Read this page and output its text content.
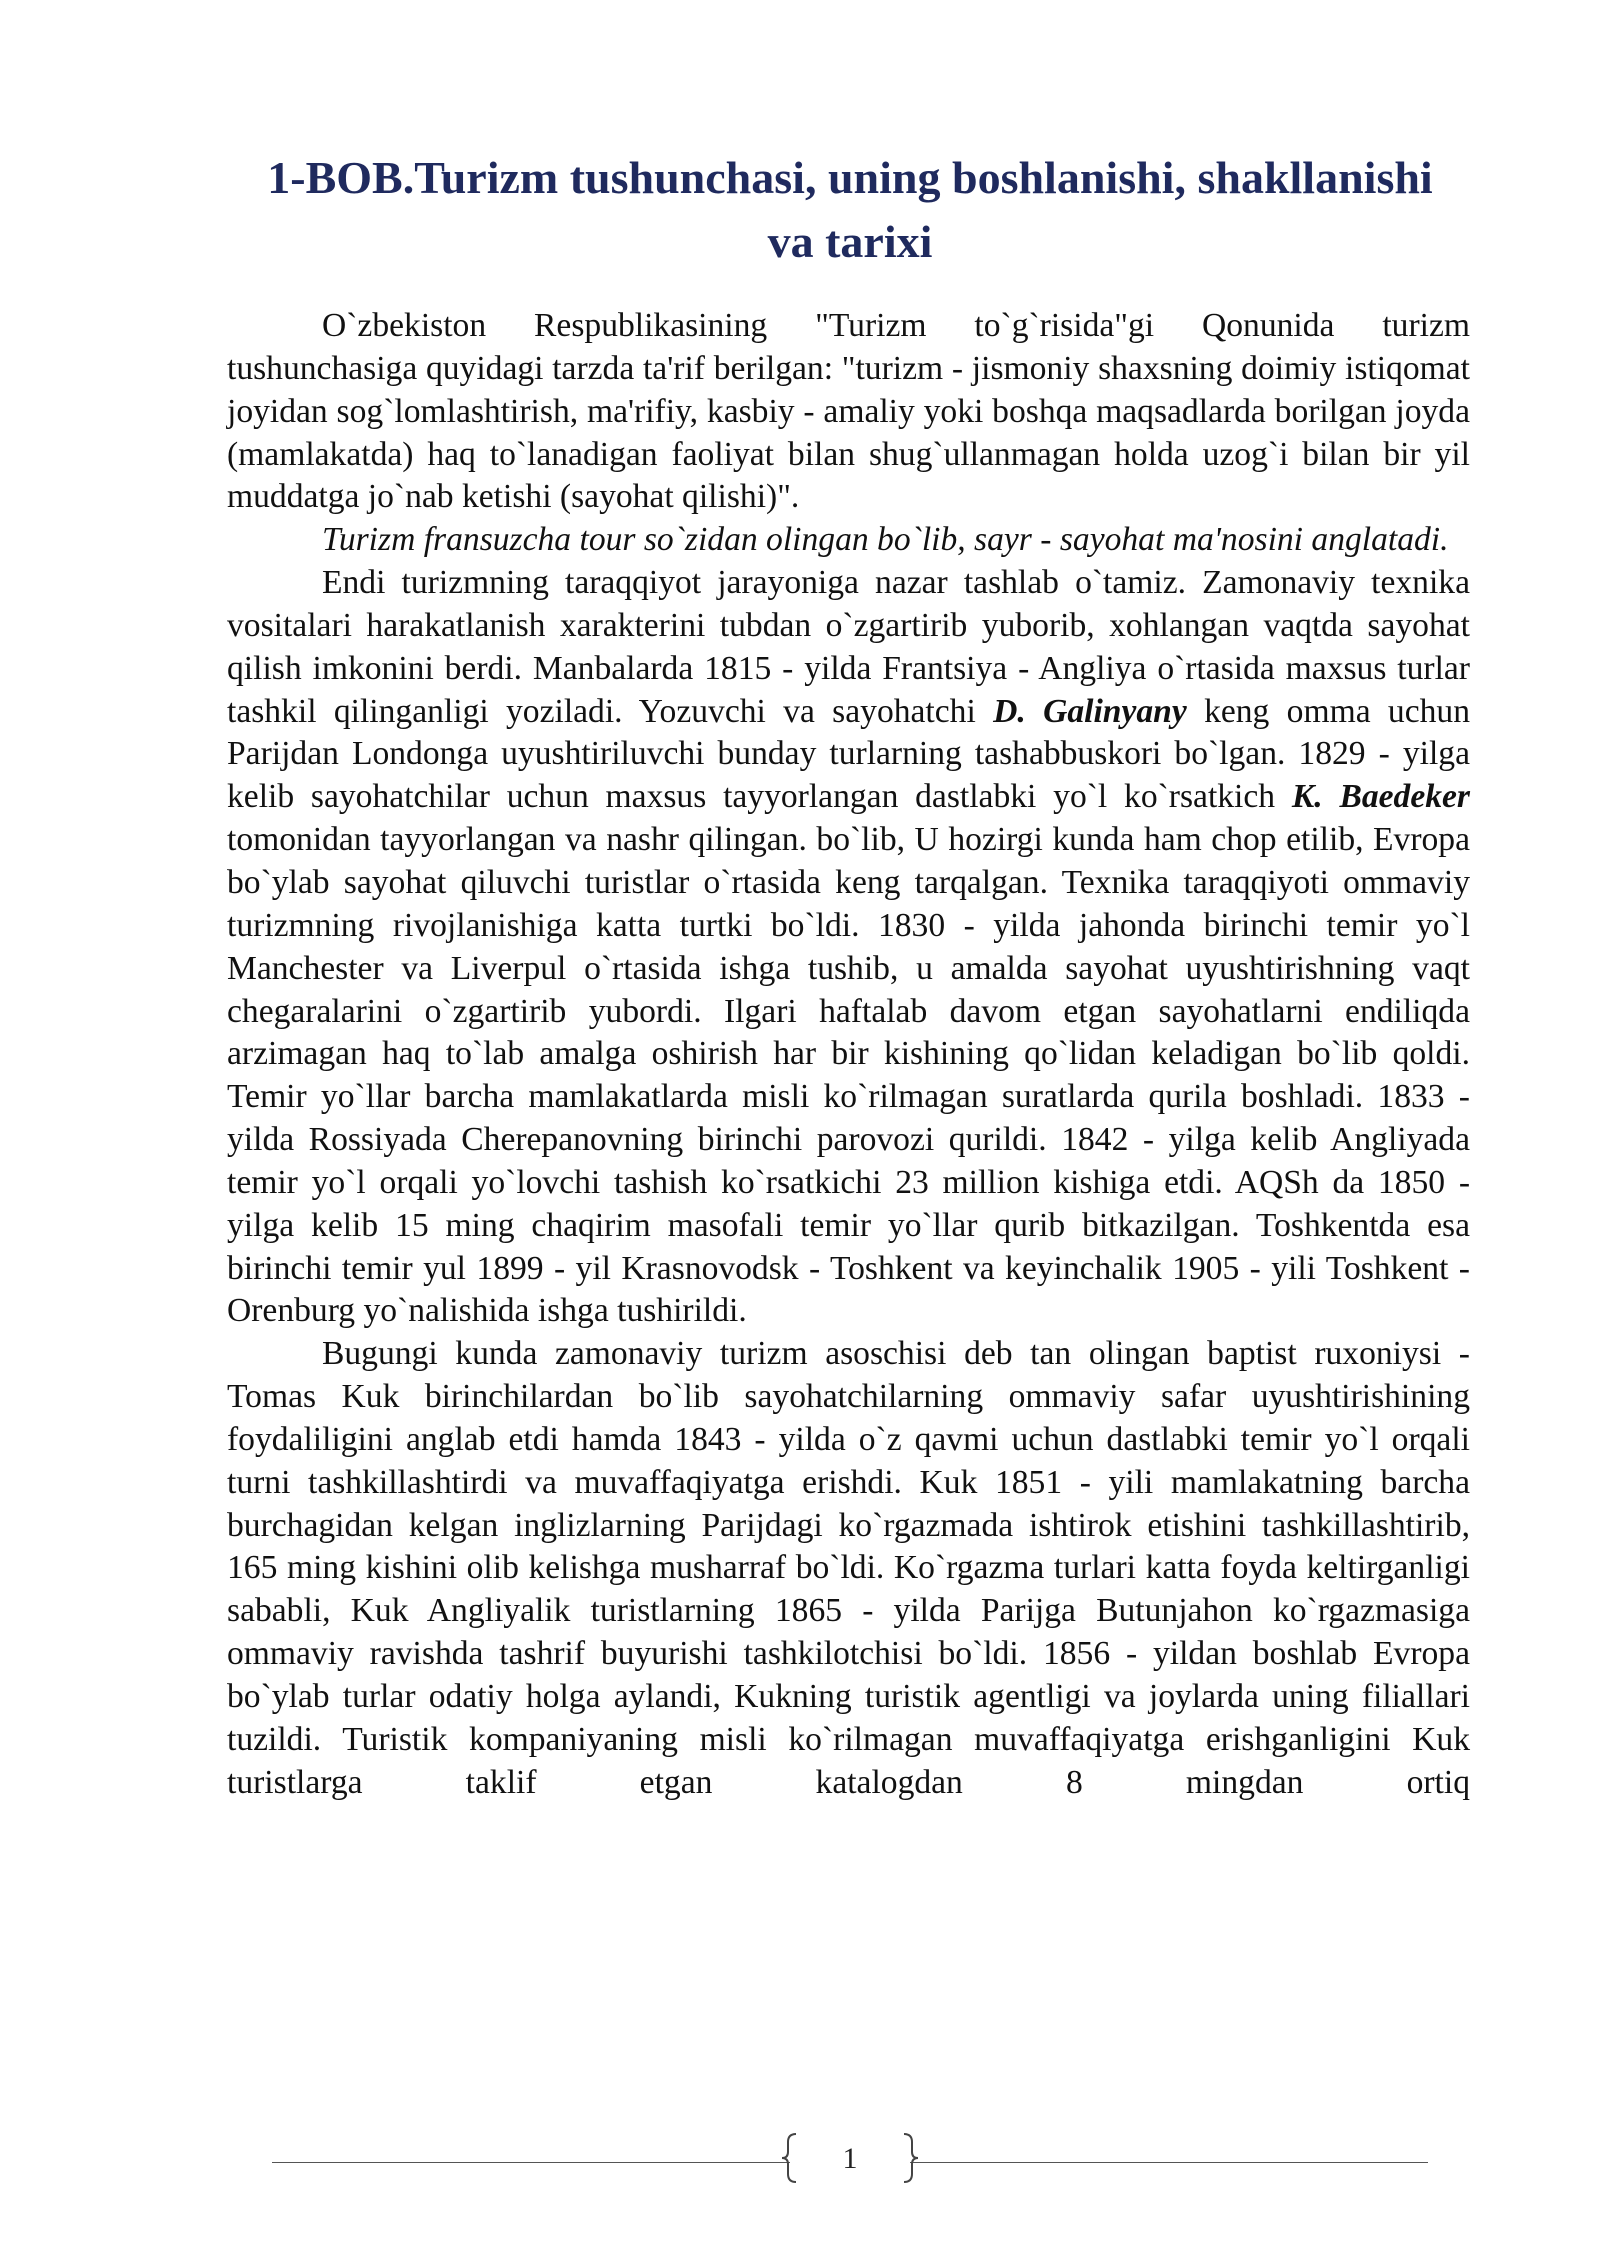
1-BOB.Turizm tushunchasi, uning boshlanishi, shakllanishi
va tarixi

O`zbekiston Respublikasining "Turizm to`g`risida"gi Qonunida turizm tushunchasiga quyidagi tarzda ta'rif berilgan: "turizm - jismoniy shaxsning doimiy istiqomat joyidan sog`lomlashtirish, ma'rifiy, kasbiy - amaliy yoki boshqa maqsadlarda borilgan joyda (mamlakatda) haq to`lanadigan faoliyat bilan shug`ullanmagan holda uzog`i bilan bir yil muddatga jo`nab ketishi (sayohat qilishi)".

Turizm fransuzcha tour so`zidan olingan bo`lib, sayr - sayohat ma'nosini anglatadi.

Endi turizmning taraqqiyot jarayoniga nazar tashlab o`tamiz. Zamonaviy texnika vositalari harakatlanish xarakterini tubdan o`zgartirib yuborib, xohlangan vaqtda sayohat qilish imkonini berdi. Manbalarda 1815 - yilda Frantsiya - Angliya o`rtasida maxsus turlar tashkil qilinganligi yoziladi. Yozuvchi va sayohatchi D. Galinyany keng omma uchun Parijdan Londonga uyushtiriluvchi bunday turlarning tashabbuskori bo`lgan. 1829 - yilga kelib sayohatchilar uchun maxsus tayyorlangan dastlabki yo`l ko`rsatkich K. Baedeker tomonidan tayyorlangan va nashr qilingan. bo`lib, U hozirgi kunda ham chop etilib, Evropa bo`ylab sayohat qiluvchi turistlar o`rtasida keng tarqalgan. Texnika taraqqiyoti ommaviy turizmning rivojlanishiga katta turtki bo`ldi. 1830 - yilda jahonda birinchi temir yo`l Manchester va Liverpul o`rtasida ishga tushib, u amalda sayohat uyushtirishning vaqt chegaralarini o`zgartirib yubordi. Ilgari haftalab davom etgan sayohatlarni endiliqda arzimagan haq to`lab amalga oshirish har bir kishining qo`lidan keladigan bo`lib qoldi. Temir yo`llar barcha mamlakatlarda misli ko`rilmagan suratlarda qurila boshladi. 1833 - yilda Rossiyada Cherepanovning birinchi parovozi qurildi. 1842 - yilga kelib Angliyada temir yo`l orqali yo`lovchi tashish ko`rsatkichi 23 million kishiga etdi. AQSh da 1850 - yilga kelib 15 ming chaqirim masofali temir yo`llar qurib bitkazilgan. Toshkentda esa birinchi temir yul 1899 - yil Krasnovodsk - Toshkent va keyinchalik 1905 - yili Toshkent - Orenburg yo`nalishida ishga tushirildi.

Bugungi kunda zamonaviy turizm asoschisi deb tan olingan baptist ruxoniysi - Tomas Kuk birinchilardan bo`lib sayohatchilarning ommaviy safar uyushtirishining foydaliligini anglab etdi hamda 1843 - yilda o`z qavmi uchun dastlabki temir yo`l orqali turni tashkillashtirdi va muvaffaqiyatga erishdi. Kuk 1851 - yili mamlakatning barcha burchagidan kelgan inglizlarning Parijdagi ko`rgazmada ishtirok etishini tashkillashtirib, 165 ming kishini olib kelishga musharraf bo`ldi. Ko`rgazma turlari katta foyda keltirganligi sababli, Kuk Angliyalik turistlarning 1865 - yilda Parijga Butunjahon ko`rgazmasiga ommaviy ravishda tashrif buyurishi tashkilotchisi bo`ldi. 1856 - yildan boshlab Evropa bo`ylab turlar odatiy holga aylandi, Kukning turistik agentligi va joylarda uning filiallari tuzildi. Turistik kompaniyaning misli ko`rilmagan muvaffaqiyatga erishganligini Kuk turistlarga taklif etgan katalogdan 8 mingdan ortiq

1
